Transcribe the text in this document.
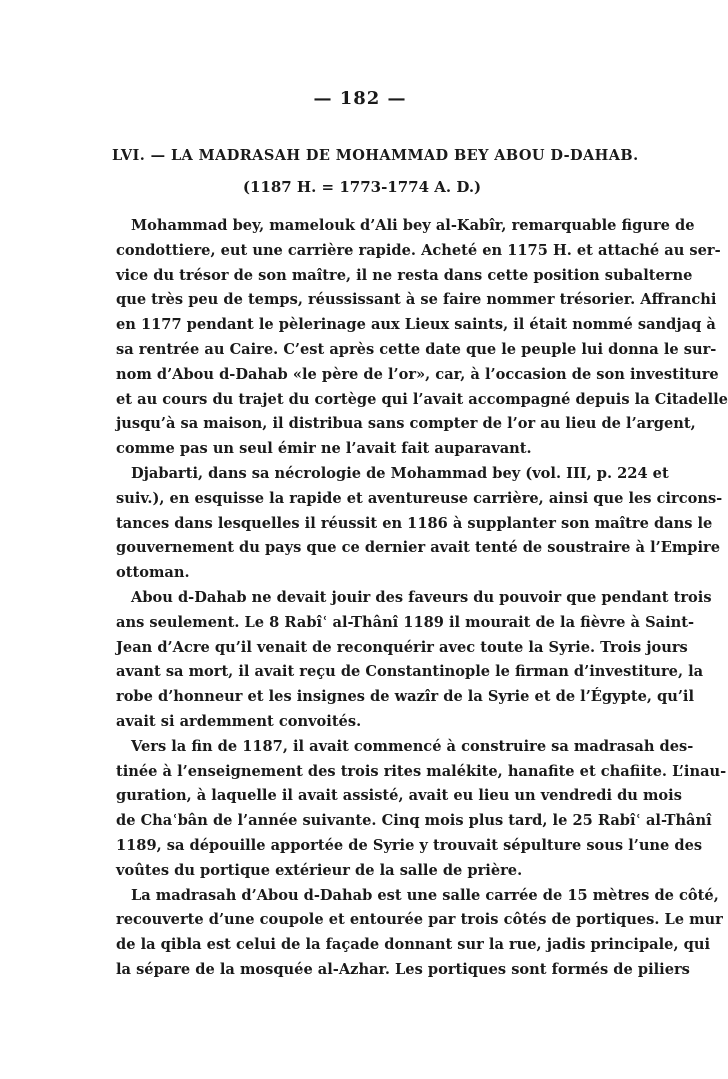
— 182 —
LVI. — LA MADRASAH DE MOHAMMAD BEY ABOU D-DAHAB.
(1187 H. = 1773-1774 A. D.)
Mohammad bey, mamelouk d’Ali bey al-Kabîr, remarquable figure de
condottiere, eut une carrière rapide. Acheté en 1175 H. et attaché au ser-
vice du trésor de son maître, il ne resta dans cette position subalterne
que très peu de temps, réussissant à se faire nommer trésorier. Affranchi
en 1177 pendant le pèlerinage aux Lieux saints, il était nommé sandjaq à
sa rentrée au Caire. C’est après cette date que le peuple lui donna le sur-
nom d’Abou d-Dahab «le père de l’or», car, à l’occasion de son investiture
et au cours du trajet du cortège qui l’avait accompagné depuis la Citadelle
jusqu’à sa maison, il distribua sans compter de l’or au lieu de l’argent,
comme pas un seul émir ne l’avait fait auparavant.
Djabarti, dans sa nécrologie de Mohammad bey (vol. III, p. 224 et
suiv.), en esquisse la rapide et aventureuse carrière, ainsi que les circons-
tances dans lesquelles il réussit en 1186 à supplanter son maître dans le
gouvernement du pays que ce dernier avait tenté de soustraire à l’Empire
ottoman.
Abou d-Dahab ne devait jouir des faveurs du pouvoir que pendant trois
ans seulement. Le 8 Rabîʿ al-Thânî 1189 il mourait de la fièvre à Saint-
Jean d’Acre qu’il venait de reconquérir avec toute la Syrie. Trois jours
avant sa mort, il avait reçu de Constantinople le firman d’investiture, la
robe d’honneur et les insignes de wazîr de la Syrie et de l’Égypte, qu’il
avait si ardemment convoités.
Vers la fin de 1187, il avait commencé à construire sa madrasah des-
tinée à l’enseignement des trois rites malékite, hanafite et chafiite. L’inau-
guration, à laquelle il avait assisté, avait eu lieu un vendredi du mois
de Chaʿbân de l’année suivante. Cinq mois plus tard, le 25 Rabîʿ al-Thânî
1189, sa dépouille apportée de Syrie y trouvait sépulture sous l’une des
voûtes du portique extérieur de la salle de prière.
La madrasah d’Abou d-Dahab est une salle carrée de 15 mètres de côté,
recouverte d’une coupole et entourée par trois côtés de portiques. Le mur
de la qibla est celui de la façade donnant sur la rue, jadis principale, qui
la sépare de la mosquée al-Azhar. Les portiques sont formés de piliers
